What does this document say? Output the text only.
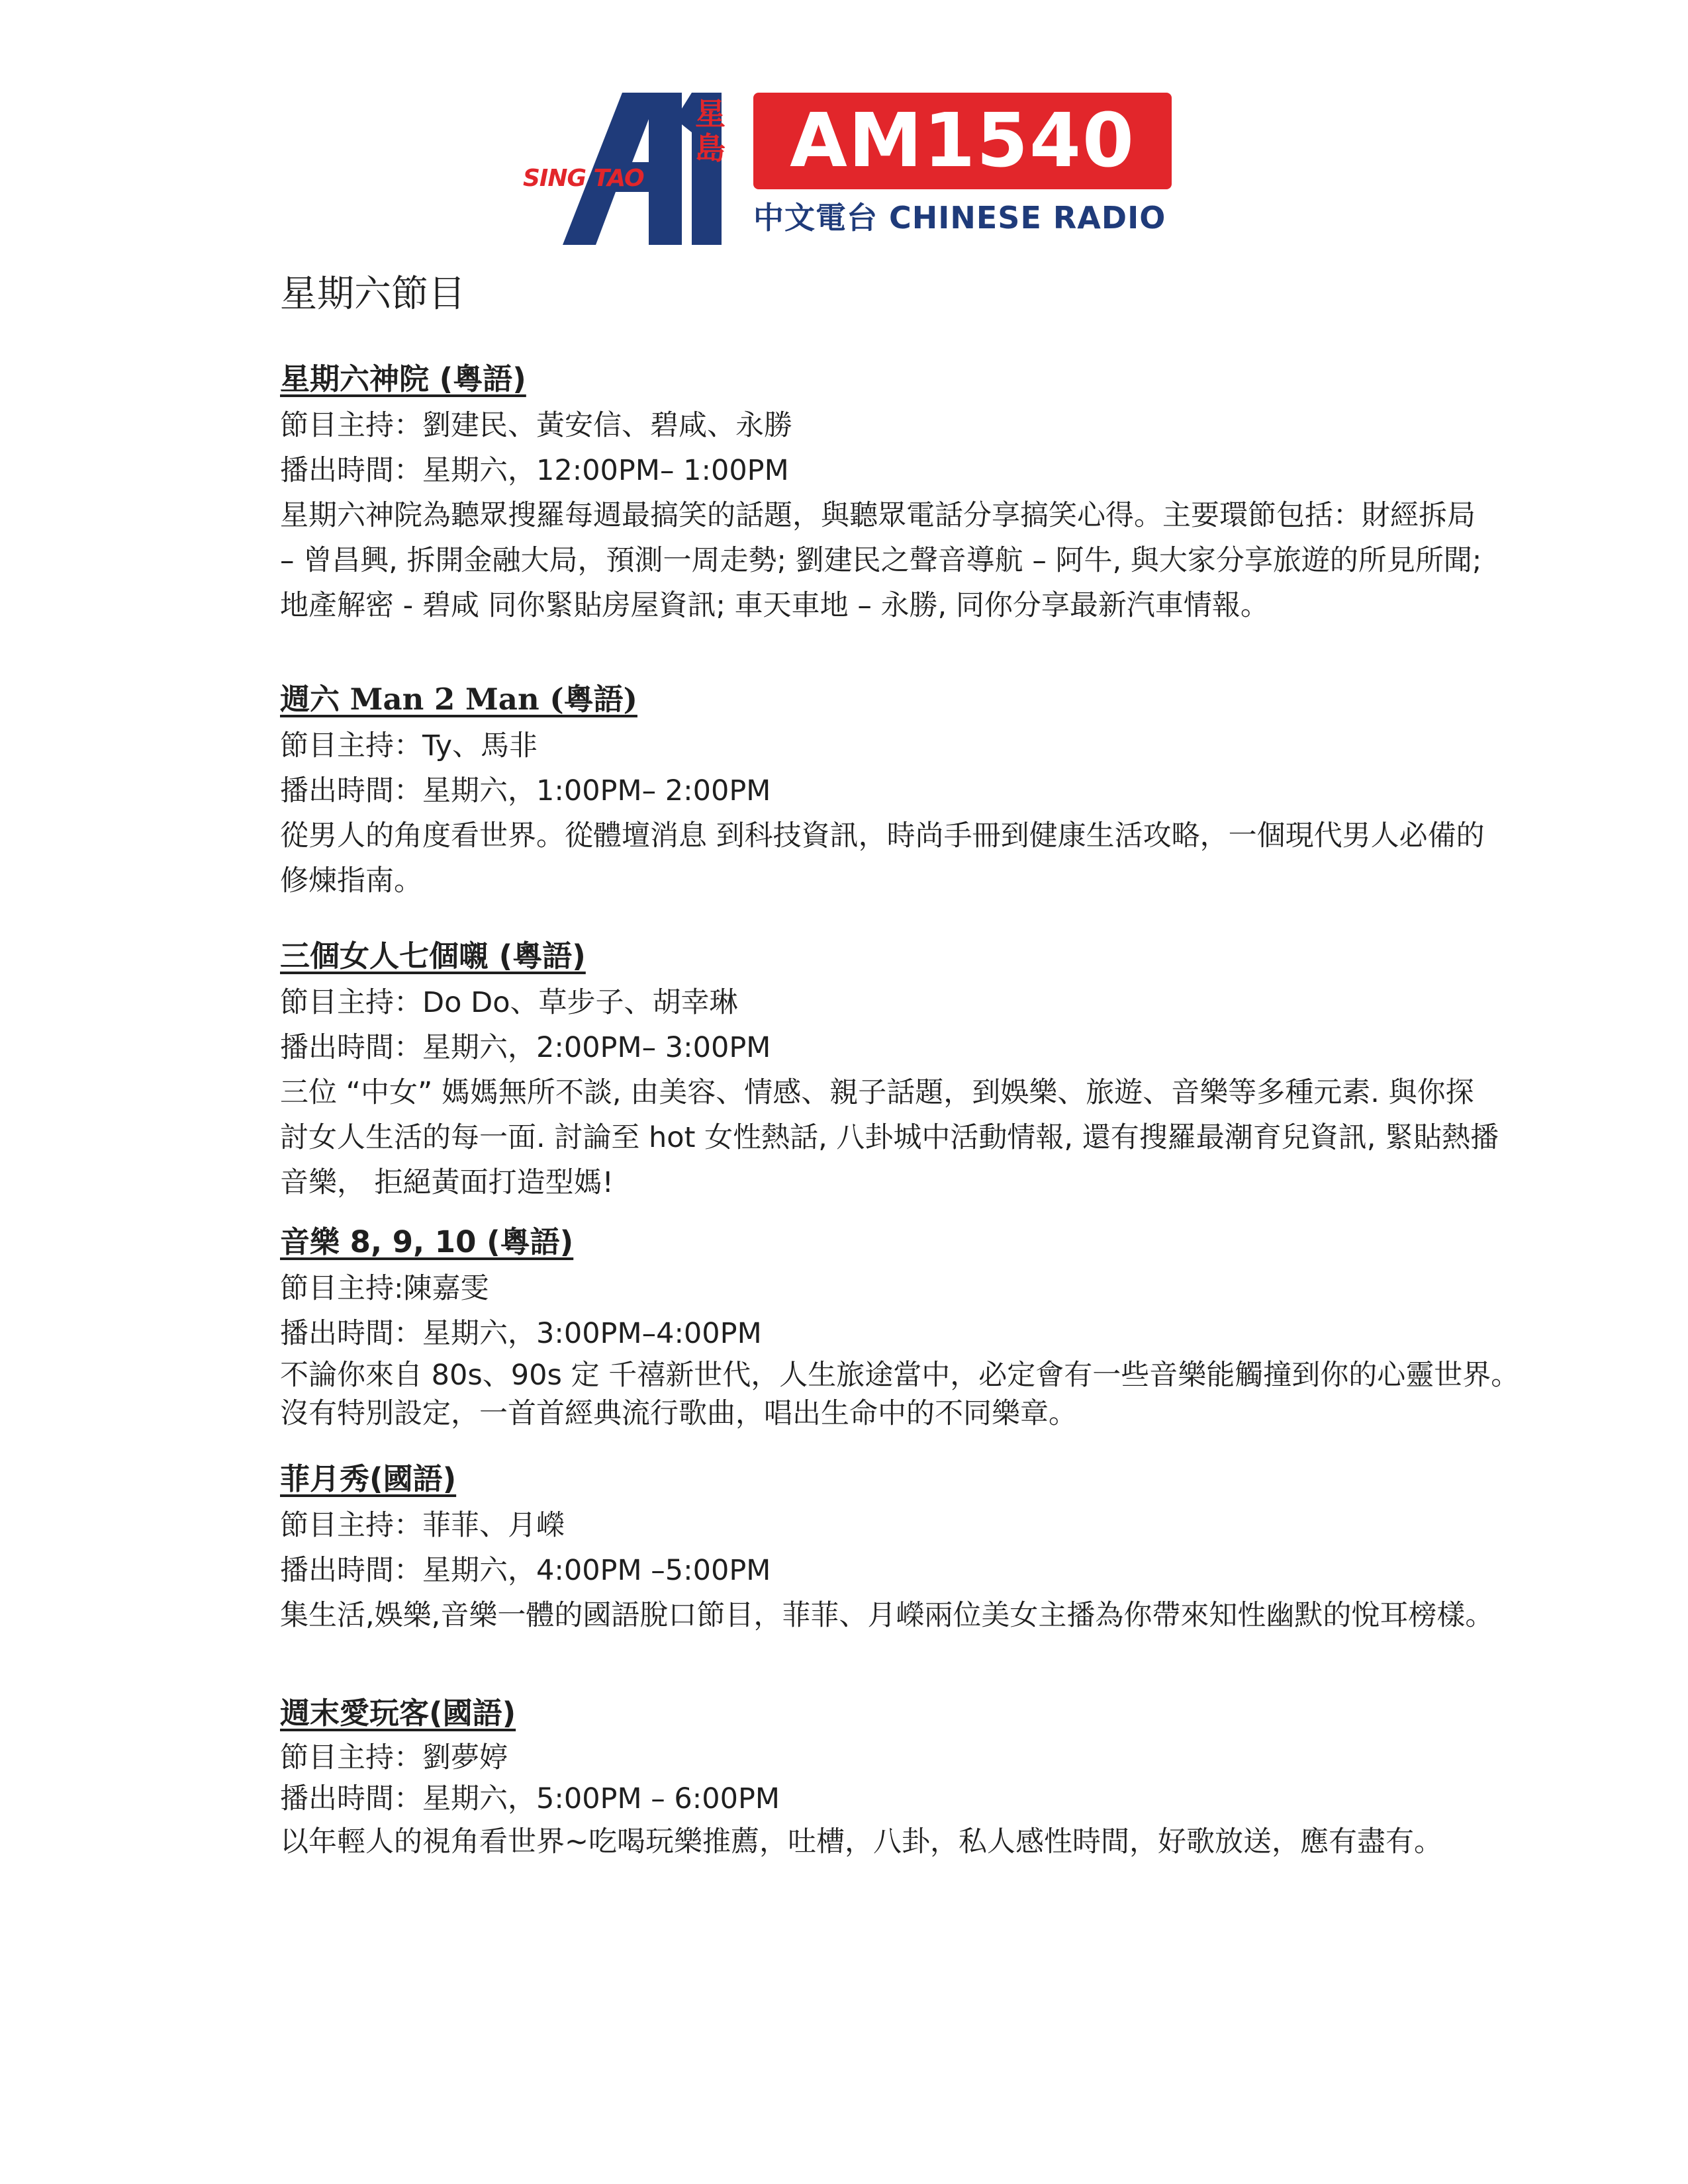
SING TAO
星島 AM1540
中文電台 CHINESE RADIO
星期六節目

星期六神院 (粵語)

節目主持：劉建民、黃安信、碧咸、永勝

播出時間：星期六，12:00PM– 1:00PM

星期六神院為聽眾搜羅每週最搞笑的話題，與聽眾電話分享搞笑心得。主要環節包括：財經拆局
– 曾昌興, 拆開金融大局，預測一周走勢; 劉建民之聲音導航 – 阿牛, 與大家分享旅遊的所見所聞;
地產解密 - 碧咸 同你緊貼房屋資訊; 車天車地 – 永勝, 同你分享最新汽車情報。

週六 Man 2 Man (粵語)

節目主持：Ty、馬非

播出時間：星期六，1:00PM– 2:00PM

從男人的角度看世界。從體壇消息 到科技資訊，時尚手冊到健康生活攻略，一個現代男人必備的
修煉指南。

三個女人七個嚫 (粵語)

節目主持：Do Do、草步子、胡幸琳

播出時間：星期六，2:00PM– 3:00PM

三位 “中女” 媽媽無所不談, 由美容、情感、親子話題，到娛樂、旅遊、音樂等多種元素. 與你探
討女人生活的每一面. 討論至 hot 女性熱話, 八卦城中活動情報, 還有搜羅最潮育兒資訊, 緊貼熱播
音樂， 拒絕黃面打造型媽!

音樂 8, 9, 10 (粵語)

節目主持:陳嘉雯

播出時間：星期六，3:00PM–4:00PM

不論你來自 80s、90s 定 千禧新世代，人生旅途當中，必定會有一些音樂能觸撞到你的心靈世界。
沒有特別設定，一首首經典流行歌曲，唱出生命中的不同樂章。

菲月秀(國語)

節目主持：菲菲、月嶸

播出時間：星期六，4:00PM –5:00PM

集生活,娛樂,音樂一體的國語脫口節目，菲菲、月嶸兩位美女主播為你帶來知性幽默的悅耳榜樣。

週末愛玩客(國語)

節目主持：劉夢婷

播出時間：星期六，5:00PM – 6:00PM

以年輕人的視角看世界~吃喝玩樂推薦，吐槽，八卦，私人感性時間，好歌放送，應有盡有。
